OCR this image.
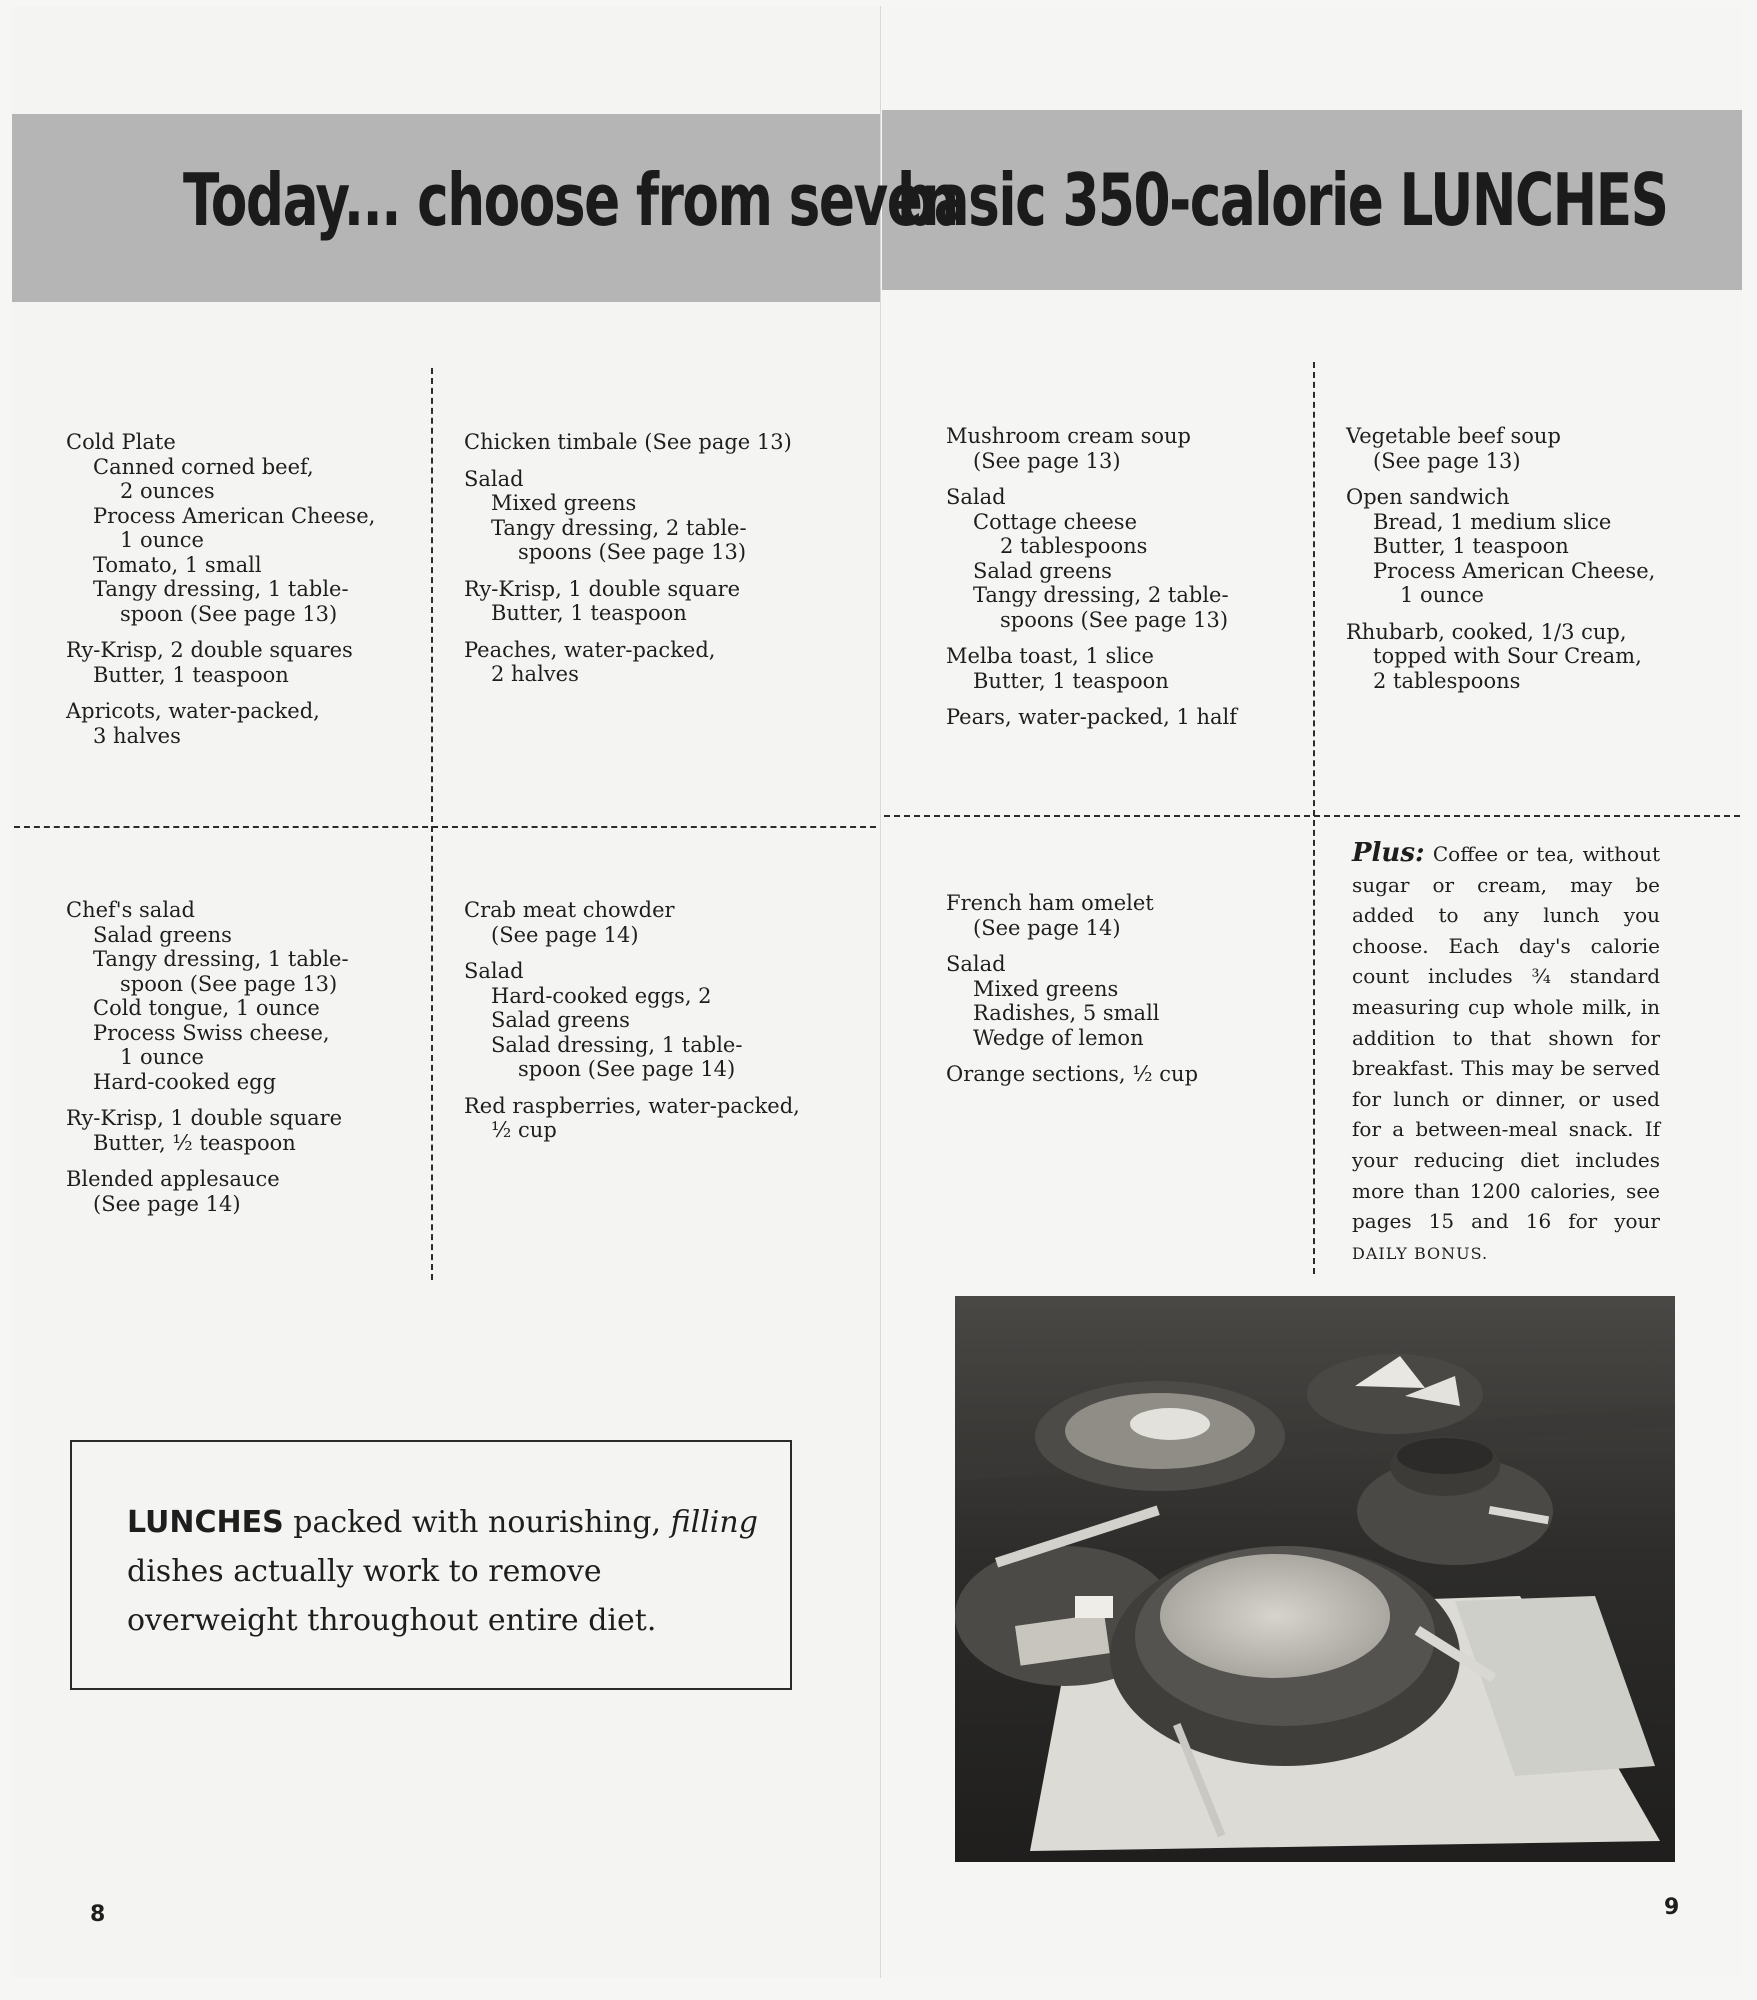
Today... choose from seven
basic 350-calorie LUNCHES

Cold Plate

Canned corned beef,

2 ounces

Process American Cheese,

1 ounce

Tomato, 1 small

Tangy dressing, 1 table-

spoon (See page 13)

Ry-Krisp, 2 double squares

Butter, 1 teaspoon

Apricots, water-packed,

3 halves

Chicken timbale (See page 13)

Salad

Mixed greens

Tangy dressing, 2 table-

spoons (See page 13)

Ry-Krisp, 1 double square

Butter, 1 teaspoon

Peaches, water-packed,

2 halves

Mushroom cream soup

(See page 13)

Salad

Cottage cheese

2 tablespoons

Salad greens

Tangy dressing, 2 table-

spoons (See page 13)

Melba toast, 1 slice

Butter, 1 teaspoon

Pears, water-packed, 1 half

Vegetable beef soup

(See page 13)

Open sandwich

Bread, 1 medium slice

Butter, 1 teaspoon

Process American Cheese,

1 ounce

Rhubarb, cooked, 1/3 cup,

topped with Sour Cream,

2 tablespoons

Chef's salad

Salad greens

Tangy dressing, 1 table-

spoon (See page 13)

Cold tongue, 1 ounce

Process Swiss cheese,

1 ounce

Hard-cooked egg

Ry-Krisp, 1 double square

Butter, ½ teaspoon

Blended applesauce

(See page 14)

Crab meat chowder

(See page 14)

Salad

Hard-cooked eggs, 2

Salad greens

Salad dressing, 1 table-

spoon (See page 14)

Red raspberries, water-packed,

½ cup

French ham omelet

(See page 14)

Salad

Mixed greens

Radishes, 5 small

Wedge of lemon

Orange sections, ½ cup

Plus: Coffee or tea, without sugar or cream, may be added to any lunch you choose. Each day's calorie count includes ¾ standard measuring cup whole milk, in addition to that shown for breakfast. This may be served for lunch or dinner, or used for a between-meal snack. If your reducing diet includes more than 1200 calories, see pages 15 and 16 for your DAILY BONUS.

LUNCHES packed with nourishing, filling dishes actually work to remove overweight throughout entire diet.

8	9
